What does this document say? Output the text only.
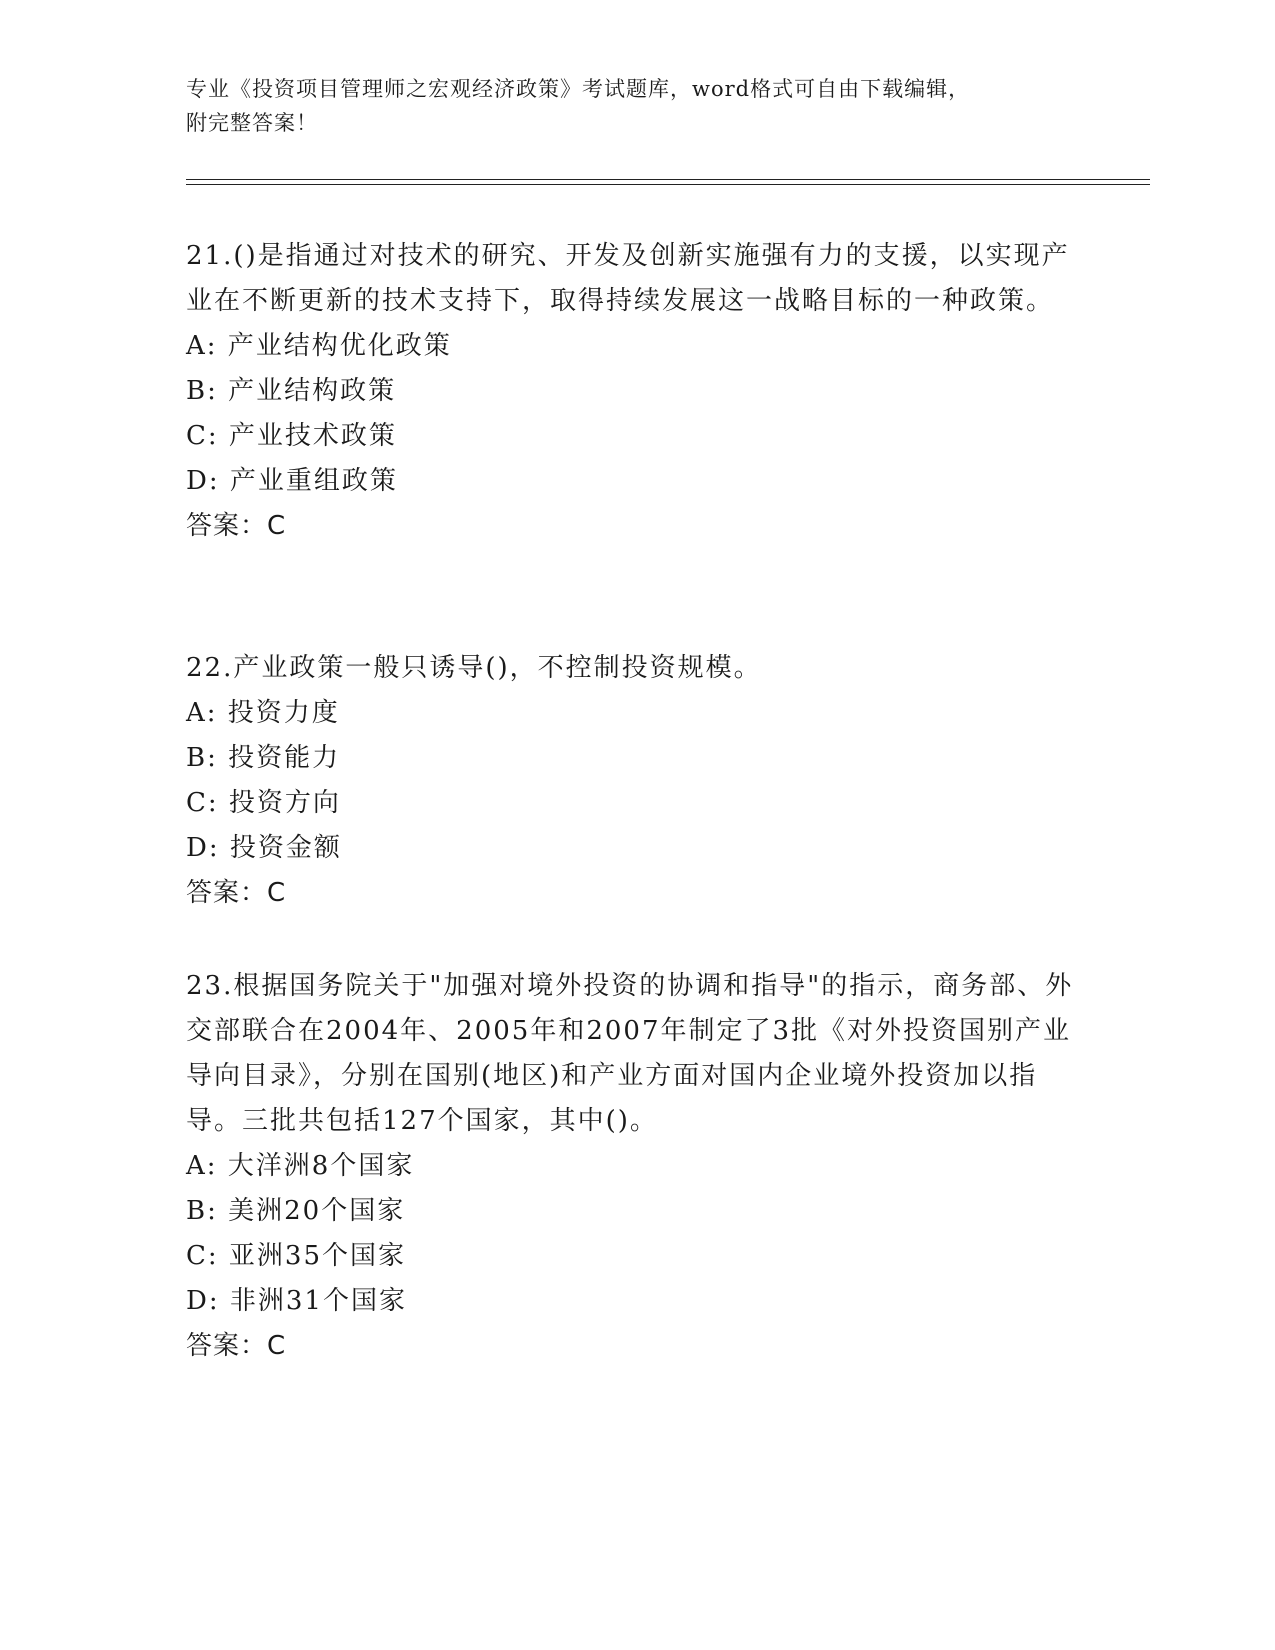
专业《投资项目管理师之宏观经济政策》考试题库，word格式可自由下载编辑，
附完整答案！

21.()是指通过对技术的研究、开发及创新实施强有力的支援，以实现产业在不断更新的技术支持下，取得持续发展这一战略目标的一种政策。

A: 产业结构优化政策

B: 产业结构政策

C: 产业技术政策

D: 产业重组政策

答案：C

22.产业政策一般只诱导()，不控制投资规模。

A: 投资力度

B: 投资能力

C: 投资方向

D: 投资金额

答案：C

23.根据国务院关于"加强对境外投资的协调和指导"的指示，商务部、外交部联合在2004年、2005年和2007年制定了3批《对外投资国别产业导向目录》，分别在国别(地区)和产业方面对国内企业境外投资加以指导。三批共包括127个国家，其中()。

A: 大洋洲8个国家

B: 美洲20个国家

C: 亚洲35个国家

D: 非洲31个国家

答案：C
